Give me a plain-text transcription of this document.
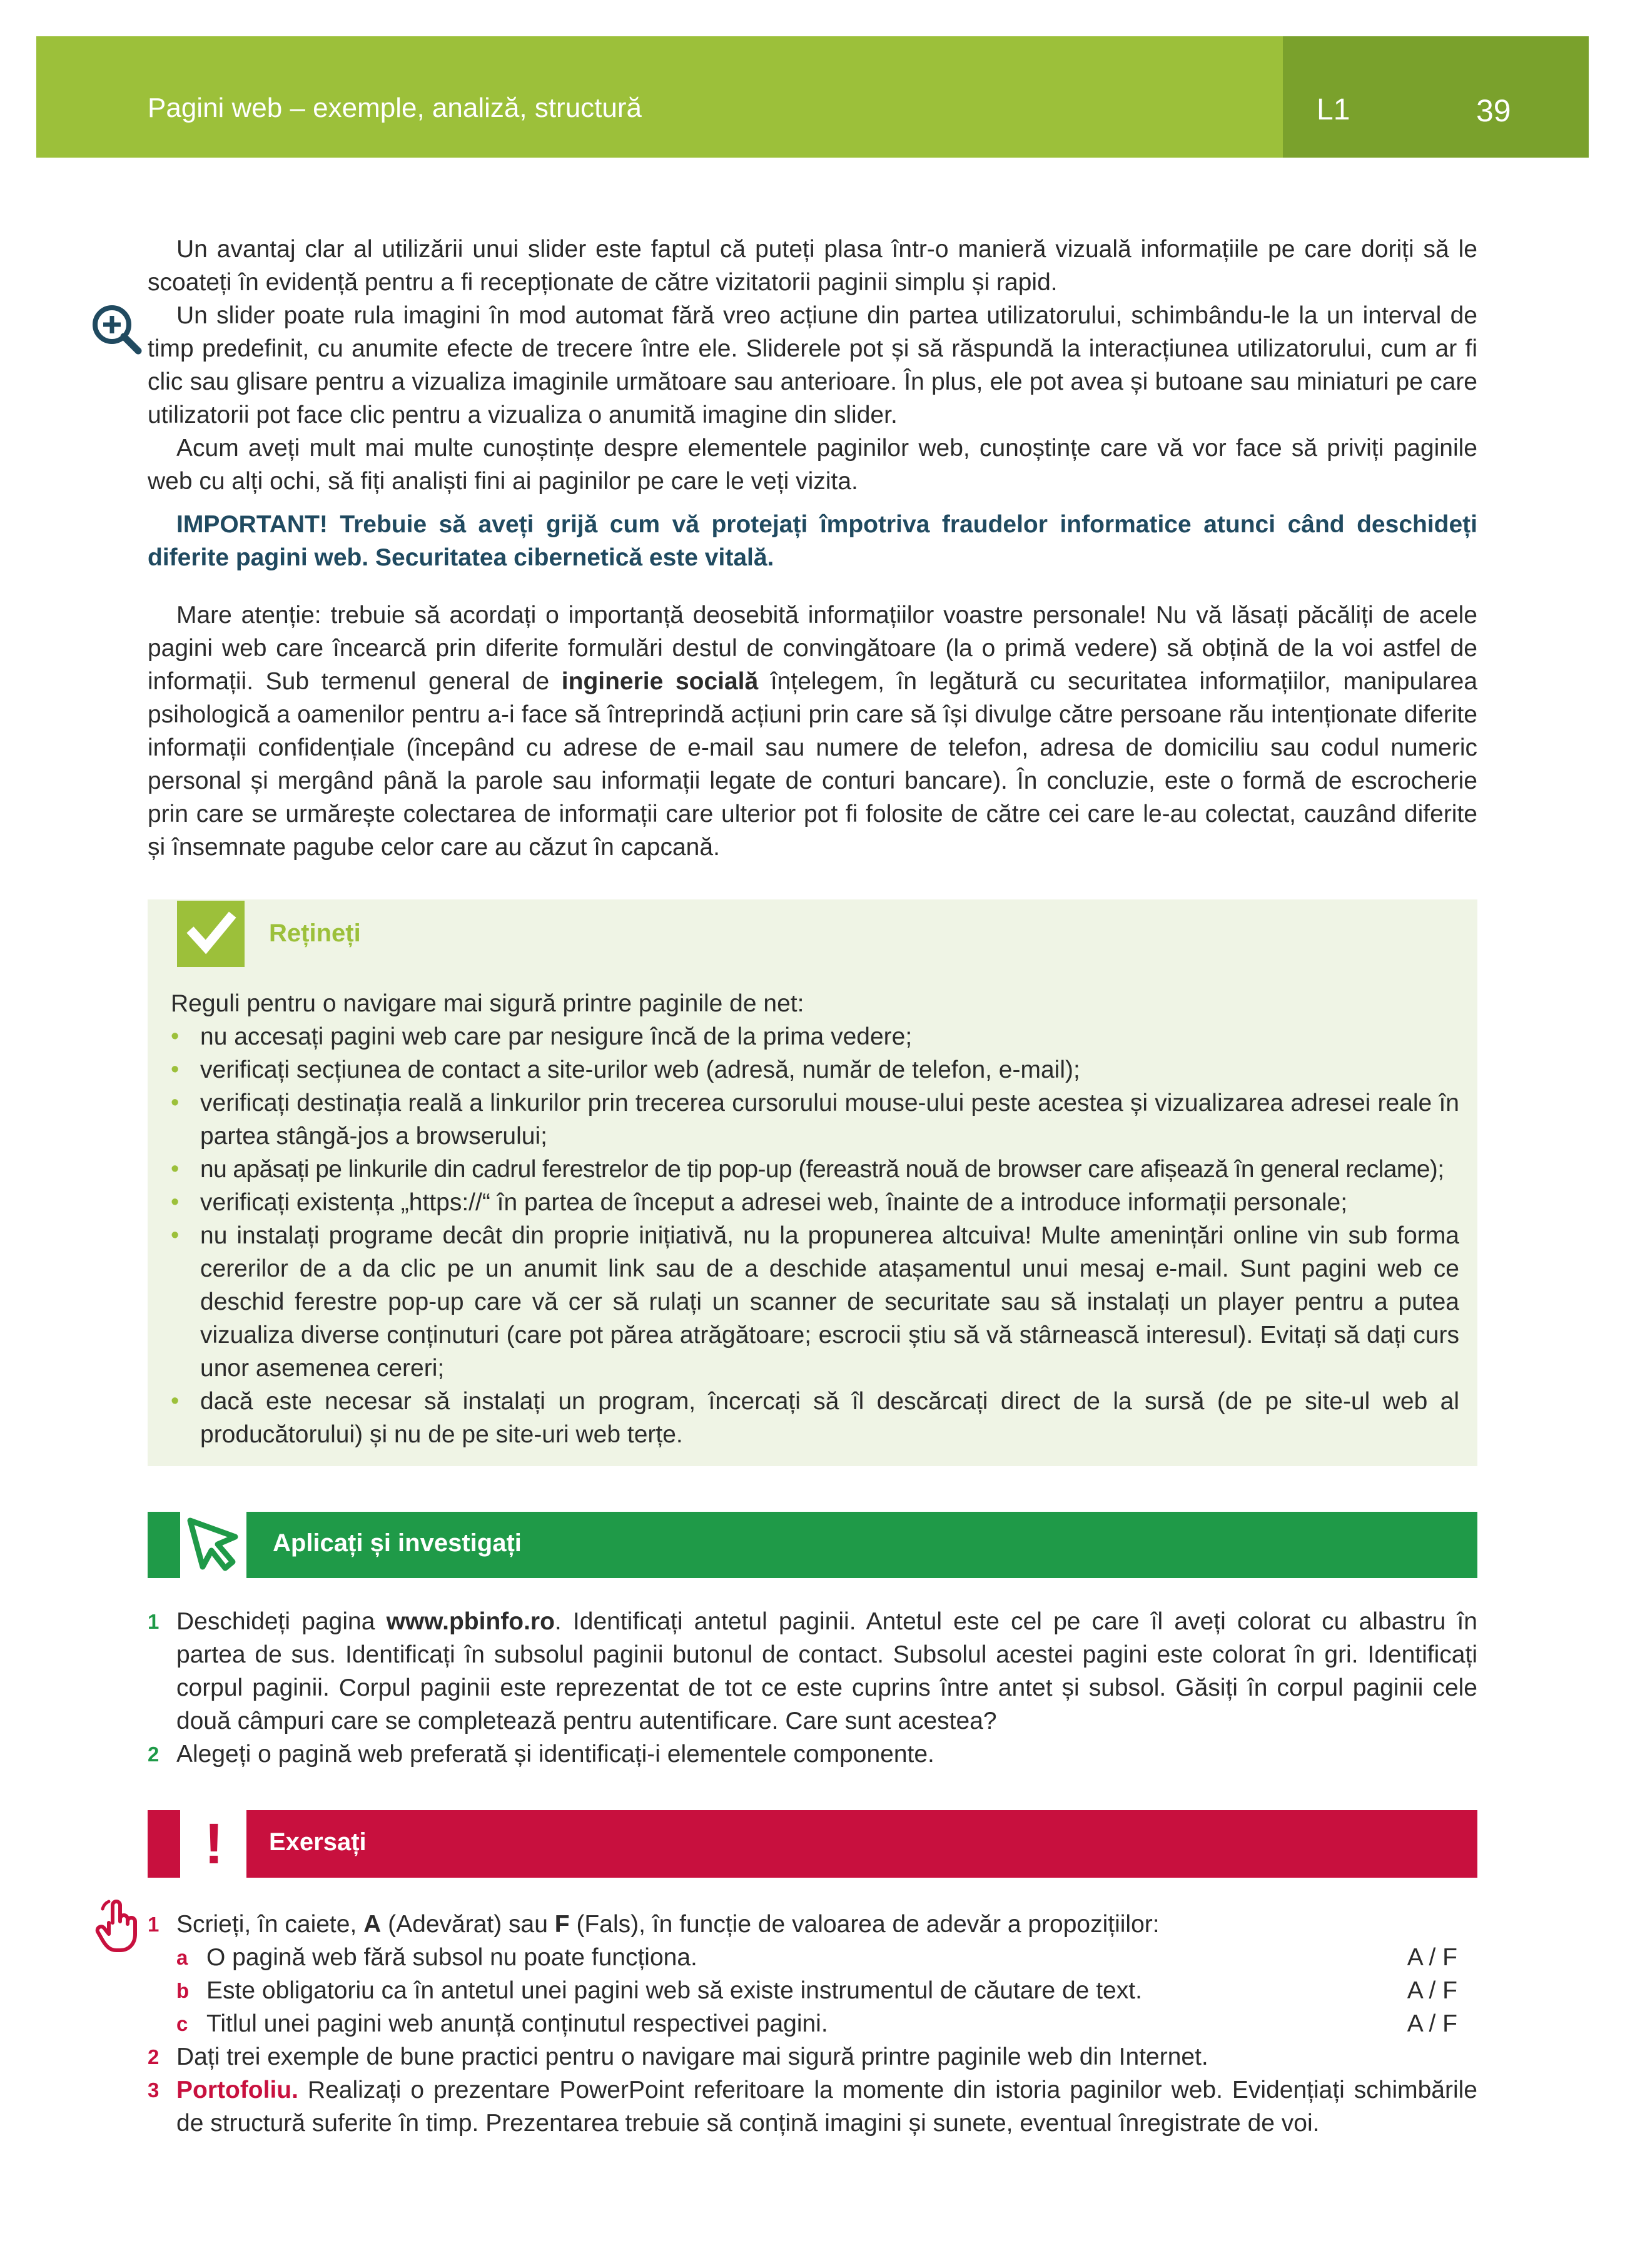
Pagini web – exemple, analiză, structură	L1	39

Un avantaj clar al utilizării unui slider este faptul că puteți plasa într-o manieră vizuală informațiile pe care doriți să le scoateți în evidență pentru a fi recepționate de către vizitatorii paginii simplu și rapid.

Un slider poate rula imagini în mod automat fără vreo acțiune din partea utilizatorului, schimbându-le la un interval de timp predefinit, cu anumite efecte de trecere între ele. Sliderele pot și să răspundă la interacțiunea utilizatorului, cum ar fi clic sau glisare pentru a vizualiza imaginile următoare sau anterioare. În plus, ele pot avea și butoane sau miniaturi pe care utilizatorii pot face clic pentru a vizualiza o anumită imagine din slider.

Acum aveți mult mai multe cunoștințe despre elementele paginilor web, cunoștințe care vă vor face să priviți paginile web cu alți ochi, să fiți analiști fini ai paginilor pe care le veți vizita.

IMPORTANT! Trebuie să aveți grijă cum vă protejați împotriva fraudelor informatice atunci când deschideți diferite pagini web. Securitatea cibernetică este vitală.

Mare atenție: trebuie să acordați o importanță deosebită informațiilor voastre personale! Nu vă lăsați păcăliți de acele pagini web care încearcă prin diferite formulări destul de convingătoare (la o primă vedere) să obțină de la voi astfel de informații. Sub termenul general de inginerie socială înțelegem, în legătură cu securitatea informațiilor, manipularea psihologică a oamenilor pentru a-i face să întreprindă acțiuni prin care să își divulge către persoane rău intenționate diferite informații confidențiale (începând cu adrese de e-mail sau numere de telefon, adresa de domiciliu sau codul numeric personal și mergând până la parole sau informații legate de conturi bancare). În concluzie, este o formă de escrocherie prin care se urmărește colectarea de informații care ulterior pot fi folosite de către cei care le-au colectat, cauzând diferite și însemnate pagube celor care au căzut în capcană.

Rețineți
Reguli pentru o navigare mai sigură printre paginile de net:
• nu accesați pagini web care par nesigure încă de la prima vedere;
• verificați secțiunea de contact a site-urilor web (adresă, număr de telefon, e-mail);
• verificați destinația reală a linkurilor prin trecerea cursorului mouse-ului peste acestea și vizualizarea adresei reale în partea stângă-jos a browserului;
• nu apăsați pe linkurile din cadrul ferestrelor de tip pop-up (fereastră nouă de browser care afișează în general reclame);
• verificați existența „https://“ în partea de început a adresei web, înainte de a introduce informații personale;
• nu instalați programe decât din proprie inițiativă, nu la propunerea altcuiva! Multe amenințări online vin sub forma cererilor de a da clic pe un anumit link sau de a deschide atașamentul unui mesaj e-mail. Sunt pagini web ce deschid ferestre pop-up care vă cer să rulați un scanner de securitate sau să instalați un player pentru a putea vizualiza diverse conținuturi (care pot părea atrăgătoare; escrocii știu să vă stârnească interesul). Evitați să dați curs unor asemenea cereri;
• dacă este necesar să instalați un program, încercați să îl descărcați direct de la sursă (de pe site-ul web al producătorului) și nu de pe site-uri web terțe.
Aplicați și investigați
1 Deschideți pagina www.pbinfo.ro. Identificați antetul paginii. Antetul este cel pe care îl aveți colorat cu albastru în partea de sus. Identificați în subsolul paginii butonul de contact. Subsolul acestei pagini este colorat în gri. Identificați corpul paginii. Corpul paginii este reprezentat de tot ce este cuprins între antet și subsol. Găsiți în corpul paginii cele două câmpuri care se completează pentru autentificare. Care sunt acestea?
2 Alegeți o pagină web preferată și identificați-i elementele componente.
!	Exersați
1 Scrieți, în caiete, A (Adevărat) sau F (Fals), în funcție de valoarea de adevăr a propozițiilor:
a O pagină web fără subsol nu poate funcționa.	A / F
b Este obligatoriu ca în antetul unei pagini web să existe instrumentul de căutare de text.	A / F
c Titlul unei pagini web anunță conținutul respectivei pagini.	A / F
2 Dați trei exemple de bune practici pentru o navigare mai sigură printre paginile web din Internet.
3 Portofoliu. Realizați o prezentare PowerPoint referitoare la momente din istoria paginilor web. Evidențiați schimbările de structură suferite în timp. Prezentarea trebuie să conțină imagini și sunete, eventual înregistrate de voi.
